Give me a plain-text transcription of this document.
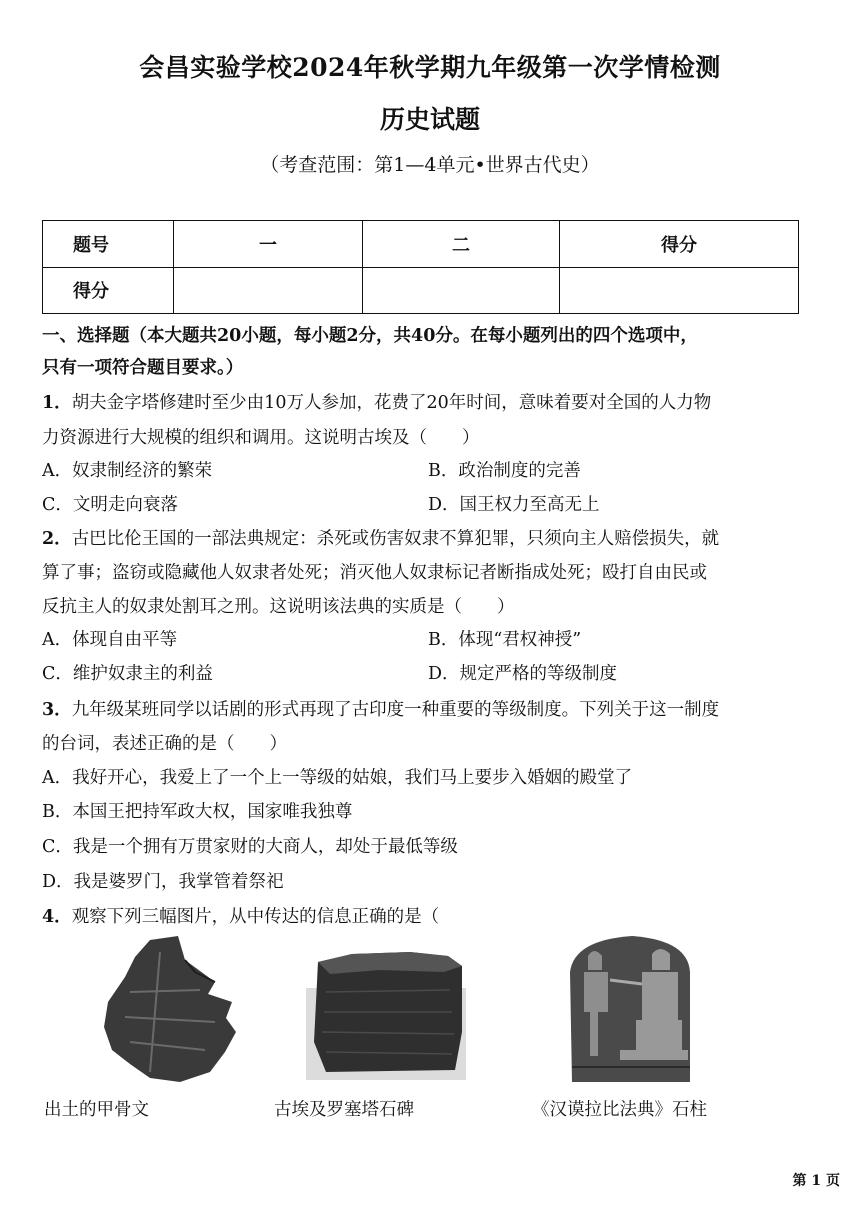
会昌实验学校2024年秋学期九年级第一次学情检测
历史试题
（考查范围：第1—4单元•世界古代史）
题号	一	二	得分
得分			
一、选择题（本大题共20小题，每小题2分，共40分。在每小题列出的四个选项中，
只有一项符合题目要求。）
1．胡夫金字塔修建时至少由10万人参加，花费了20年时间，意味着要对全国的人力物
力资源进行大规模的组织和调用。这说明古埃及（　　）
A．奴隶制经济的繁荣	B．政治制度的完善
C．文明走向衰落	D．国王权力至高无上
2．古巴比伦王国的一部法典规定：杀死或伤害奴隶不算犯罪，只须向主人赔偿损失，就
算了事；盗窃或隐藏他人奴隶者处死；消灭他人奴隶标记者断指成处死；殴打自由民或
反抗主人的奴隶处割耳之刑。这说明该法典的实质是（　　）
A．体现自由平等	B．体现“君权神授”
C．维护奴隶主的利益	D．规定严格的等级制度
3．九年级某班同学以话剧的形式再现了古印度一种重要的等级制度。下列关于这一制度
的台词，表述正确的是（　　）
A．我好开心，我爱上了一个上一等级的姑娘，我们马上要步入婚姻的殿堂了
B．本国王把持军政大权，国家唯我独尊
C．我是一个拥有万贯家财的大商人，却处于最低等级
D．我是婆罗门，我掌管着祭祀
4．观察下列三幅图片，从中传达的信息正确的是（
出土的甲骨文	古埃及罗塞塔石碑	《汉谟拉比法典》石柱
第 1 页
